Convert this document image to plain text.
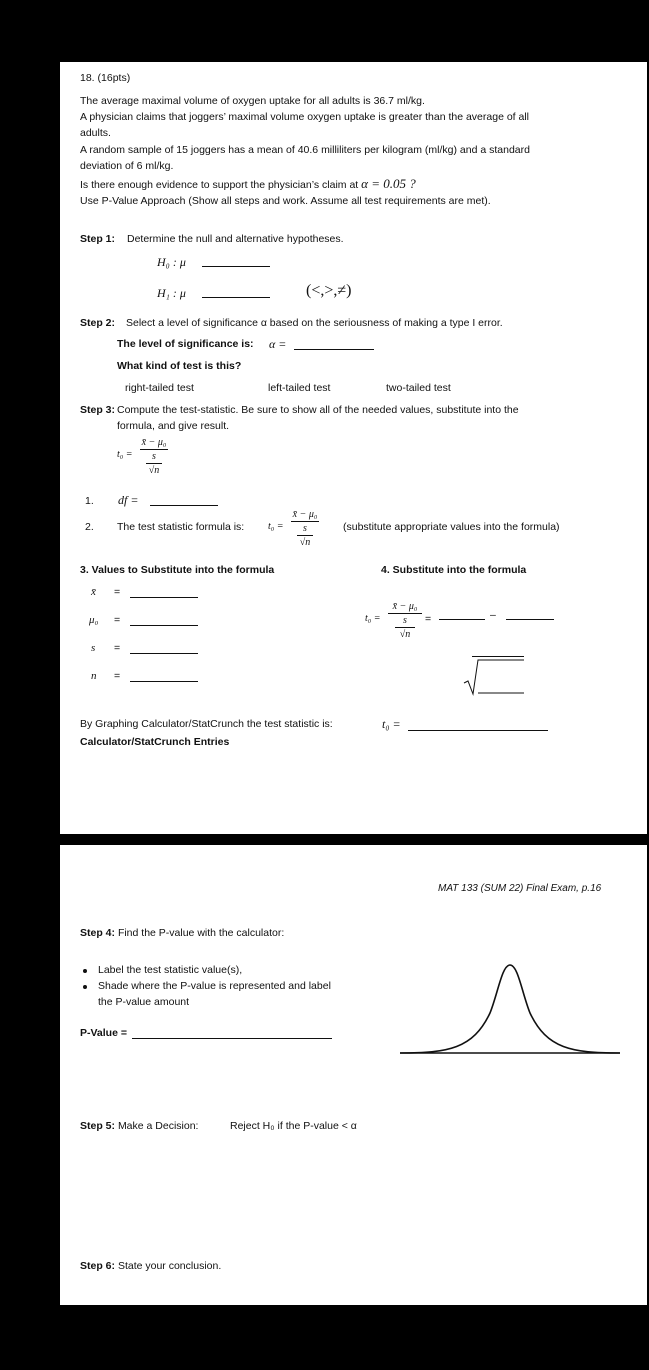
18. (16pts)
The average maximal volume of oxygen uptake for all adults is 36.7 ml/kg.
A physician claims that joggers’ maximal volume oxygen uptake is greater than the average of all
adults.
A random sample of 15 joggers has a mean of 40.6 milliliters per kilogram (ml/kg) and a standard
deviation of 6 ml/kg.
Is there enough evidence to support the physician’s claim at α = 0.05 ?
Use P-Value Approach (Show all steps and work. Assume all test requirements are met).
Step 1: Determine the null and alternative hypotheses.
H₀ : μ
H₁ : μ	(<,>,≠)
Step 2: Select a level of significance α based on the seriousness of making a type I error.
The level of significance is: α =
What kind of test is this?
right-tailed test	left-tailed test	two-tailed test
Step 3: Compute the test-statistic. Be sure to show all of the needed values, substitute into the
formula, and give result.
t₀ =
x̄ − μ₀
s
√n
1. df =
2. The test statistic formula is: t₀ =
x̄ − μ₀
s
√n
(substitute appropriate values into the formula)
3. Values to Substitute into the formula	4. Substitute into the formula
x̄ =
μ₀ =
s =
n =
t₀ =
x̄ − μ₀
s
√n
=	–
By Graphing Calculator/StatCrunch the test statistic is:	t₀ =
Calculator/StatCrunch Entries
MAT 133 (SUM 22) Final Exam, p.16
Step 4: Find the P-value with the calculator:
Label the test statistic value(s),
Shade where the P-value is represented and label
the P-value amount
P-Value =
Step 5: Make a Decision:	Reject H₀ if the P-value < α
Step 6: State your conclusion.
